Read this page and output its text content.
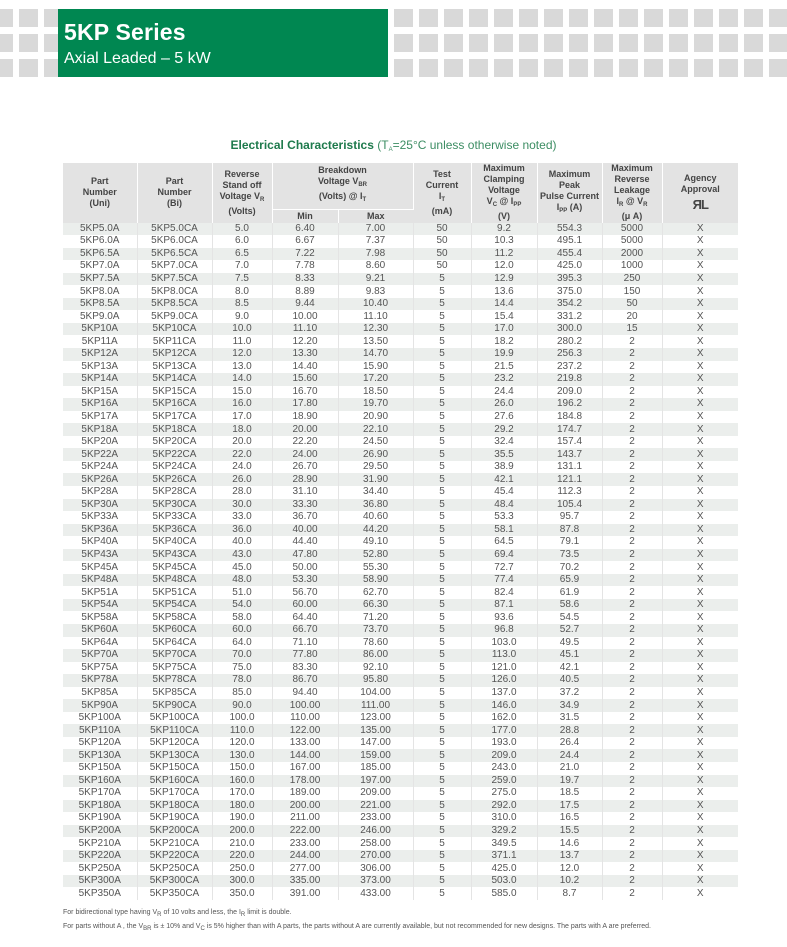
5KP Series
Axial Leaded – 5 kW
Electrical Characteristics ($T_A=25^\circ C$ unless otherwise noted)
Part
Number
(Uni)	Part
Number
(Bi)	Reverse
Stand off
Voltage $V_R$
(Volts)	Breakdown
Voltage $V_{BR}$
(Volts) @ $I_T$		Test
Current
$I_T$
(mA)	Maximum
Clamping
Voltage
$V_C$ @ $I_{PP}$
(V)	Maximum
Peak
Pulse Current
$I_{PP}$ (A)	Maximum
Reverse
Leakage
$I_R$ @ $V_R$
(μ A)	Agency Approval
ЯL
			Min	Max					
5KP5.0A	5KP5.0CA	5.0	6.40	7.00	50	9.2	554.3	5000	X
5KP6.0A	5KP6.0CA	6.0	6.67	7.37	50	10.3	495.1	5000	X
5KP6.5A	5KP6.5CA	6.5	7.22	7.98	50	11.2	455.4	2000	X
5KP7.0A	5KP7.0CA	7.0	7.78	8.60	50	12.0	425.0	1000	X
5KP7.5A	5KP7.5CA	7.5	8.33	9.21	5	12.9	395.3	250	X
5KP8.0A	5KP8.0CA	8.0	8.89	9.83	5	13.6	375.0	150	X
5KP8.5A	5KP8.5CA	8.5	9.44	10.40	5	14.4	354.2	50	X
5KP9.0A	5KP9.0CA	9.0	10.00	11.10	5	15.4	331.2	20	X
5KP10A	5KP10CA	10.0	11.10	12.30	5	17.0	300.0	15	X
5KP11A	5KP11CA	11.0	12.20	13.50	5	18.2	280.2	2	X
5KP12A	5KP12CA	12.0	13.30	14.70	5	19.9	256.3	2	X
5KP13A	5KP13CA	13.0	14.40	15.90	5	21.5	237.2	2	X
5KP14A	5KP14CA	14.0	15.60	17.20	5	23.2	219.8	2	X
5KP15A	5KP15CA	15.0	16.70	18.50	5	24.4	209.0	2	X
5KP16A	5KP16CA	16.0	17.80	19.70	5	26.0	196.2	2	X
5KP17A	5KP17CA	17.0	18.90	20.90	5	27.6	184.8	2	X
5KP18A	5KP18CA	18.0	20.00	22.10	5	29.2	174.7	2	X
5KP20A	5KP20CA	20.0	22.20	24.50	5	32.4	157.4	2	X
5KP22A	5KP22CA	22.0	24.00	26.90	5	35.5	143.7	2	X
5KP24A	5KP24CA	24.0	26.70	29.50	5	38.9	131.1	2	X
5KP26A	5KP26CA	26.0	28.90	31.90	5	42.1	121.1	2	X
5KP28A	5KP28CA	28.0	31.10	34.40	5	45.4	112.3	2	X
5KP30A	5KP30CA	30.0	33.30	36.80	5	48.4	105.4	2	X
5KP33A	5KP33CA	33.0	36.70	40.60	5	53.3	95.7	2	X
5KP36A	5KP36CA	36.0	40.00	44.20	5	58.1	87.8	2	X
5KP40A	5KP40CA	40.0	44.40	49.10	5	64.5	79.1	2	X
5KP43A	5KP43CA	43.0	47.80	52.80	5	69.4	73.5	2	X
5KP45A	5KP45CA	45.0	50.00	55.30	5	72.7	70.2	2	X
5KP48A	5KP48CA	48.0	53.30	58.90	5	77.4	65.9	2	X
5KP51A	5KP51CA	51.0	56.70	62.70	5	82.4	61.9	2	X
5KP54A	5KP54CA	54.0	60.00	66.30	5	87.1	58.6	2	X
5KP58A	5KP58CA	58.0	64.40	71.20	5	93.6	54.5	2	X
5KP60A	5KP60CA	60.0	66.70	73.70	5	96.8	52.7	2	X
5KP64A	5KP64CA	64.0	71.10	78.60	5	103.0	49.5	2	X
5KP70A	5KP70CA	70.0	77.80	86.00	5	113.0	45.1	2	X
5KP75A	5KP75CA	75.0	83.30	92.10	5	121.0	42.1	2	X
5KP78A	5KP78CA	78.0	86.70	95.80	5	126.0	40.5	2	X
5KP85A	5KP85CA	85.0	94.40	104.00	5	137.0	37.2	2	X
5KP90A	5KP90CA	90.0	100.00	111.00	5	146.0	34.9	2	X
5KP100A	5KP100CA	100.0	110.00	123.00	5	162.0	31.5	2	X
5KP110A	5KP110CA	110.0	122.00	135.00	5	177.0	28.8	2	X
5KP120A	5KP120CA	120.0	133.00	147.00	5	193.0	26.4	2	X
5KP130A	5KP130CA	130.0	144.00	159.00	5	209.0	24.4	2	X
5KP150A	5KP150CA	150.0	167.00	185.00	5	243.0	21.0	2	X
5KP160A	5KP160CA	160.0	178.00	197.00	5	259.0	19.7	2	X
5KP170A	5KP170CA	170.0	189.00	209.00	5	275.0	18.5	2	X
5KP180A	5KP180CA	180.0	200.00	221.00	5	292.0	17.5	2	X
5KP190A	5KP190CA	190.0	211.00	233.00	5	310.0	16.5	2	X
5KP200A	5KP200CA	200.0	222.00	246.00	5	329.2	15.5	2	X
5KP210A	5KP210CA	210.0	233.00	258.00	5	349.5	14.6	2	X
5KP220A	5KP220CA	220.0	244.00	270.00	5	371.1	13.7	2	X
5KP250A	5KP250CA	250.0	277.00	306.00	5	425.0	12.0	2	X
5KP300A	5KP300CA	300.0	335.00	373.00	5	503.0	10.2	2	X
5KP350A	5KP350CA	350.0	391.00	433.00	5	585.0	8.7	2	X
For bidirectional type having $V_R$ of 10 volts and less, the $I_R$ limit is double.
For parts without A , the $V_{BR}$ is ± 10% and $V_C$ is 5% higher than with A parts, the parts without A are currently available, but not recommended for new designs. The parts with A are preferred.
